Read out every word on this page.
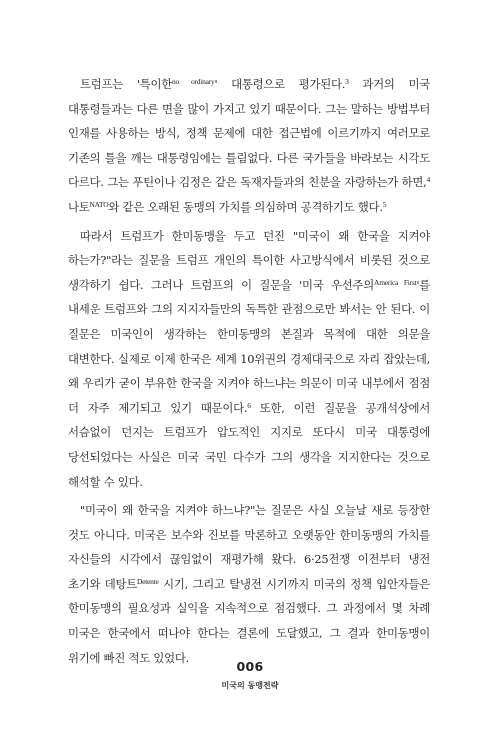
트럼프는 '특이한$^{no ordinary}$' 대통령으로 평가된다.$^3$ 과거의 미국 대통령들과는 다른 면을 많이 가지고 있기 때문이다. 그는 말하는 방법부터 인재를 사용하는 방식, 정책 문제에 대한 접근법에 이르기까지 여러모로 기존의 틀을 깨는 대통령임에는 틀림없다. 다른 국가들을 바라보는 시각도 다르다. 그는 푸틴이나 김정은 같은 독재자들과의 친분을 자랑하는가 하면,$^4$ 나토$^{NATO}$와 같은 오래된 동맹의 가치를 의심하며 공격하기도 했다.$^5$

따라서 트럼프가 한미동맹을 두고 던진 "미국이 왜 한국을 지켜야 하는가?"라는 질문을 트럼프 개인의 특이한 사고방식에서 비롯된 것으로 생각하기 쉽다. 그러나 트럼프의 이 질문을 '미국 우선주의$^{America First}$'를 내세운 트럼프와 그의 지지자들만의 독특한 관점으로만 봐서는 안 된다. 이 질문은 미국인이 생각하는 한미동맹의 본질과 목적에 대한 의문을 대변한다. 실제로 이제 한국은 세계 10위권의 경제대국으로 자리 잡았는데, 왜 우리가 굳이 부유한 한국을 지켜야 하느냐는 의문이 미국 내부에서 점점 더 자주 제기되고 있기 때문이다.$^6$ 또한, 이런 질문을 공개석상에서 서슴없이 던지는 트럼프가 압도적인 지지로 또다시 미국 대통령에 당선되었다는 사실은 미국 국민 다수가 그의 생각을 지지한다는 것으로 해석할 수 있다.

"미국이 왜 한국을 지켜야 하느냐?"는 질문은 사실 오늘날 새로 등장한 것도 아니다. 미국은 보수와 진보를 막론하고 오랫동안 한미동맹의 가치를 자신들의 시각에서 끊임없이 재평가해 왔다. 6·25전쟁 이전부터 냉전 초기와 데탕트$^{Detente}$ 시기, 그리고 탈냉전 시기까지 미국의 정책 입안자들은 한미동맹의 필요성과 실익을 지속적으로 점검했다. 그 과정에서 몇 차례 미국은 한국에서 떠나야 한다는 결론에 도달했고, 그 결과 한미동맹이 위기에 빠진 적도 있었다.

006
미국의 동맹전략
